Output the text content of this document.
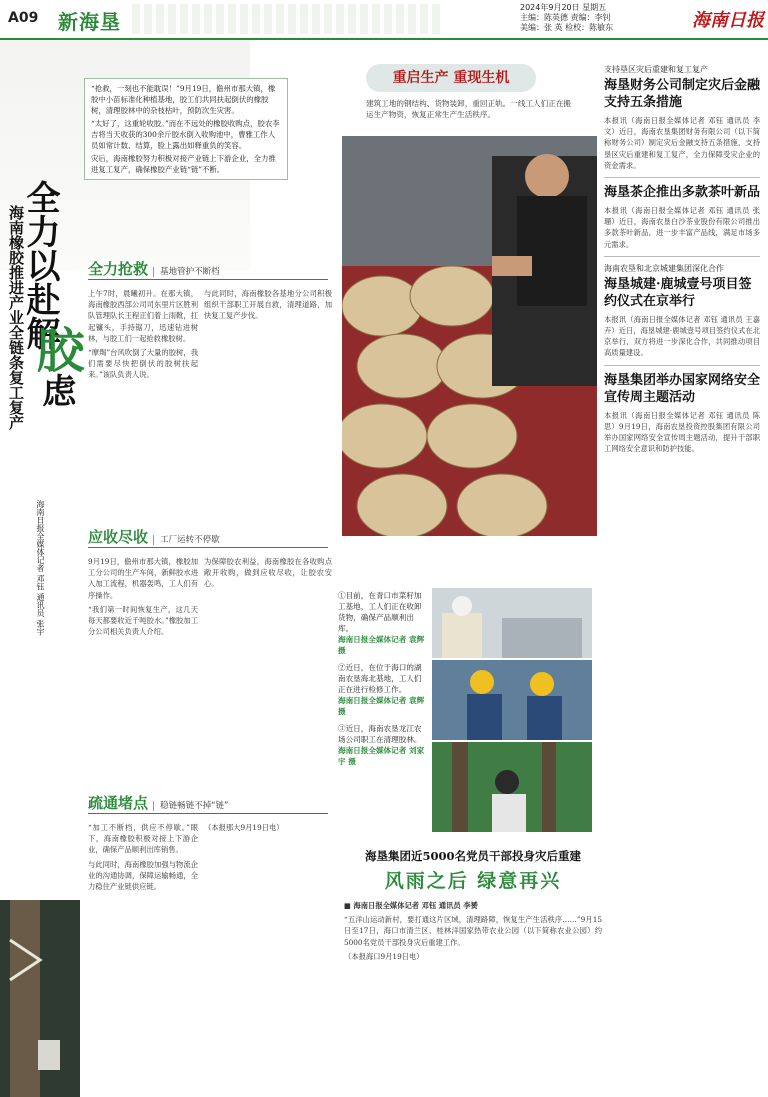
A09 新海垦
2024年9月20日 星期五
主编：陈英德 责编：李钊
美编：张 英 检校：陈敏东	海南日报
全力以赴解
胶虑
海南橡胶推进产业全链条复工复产
海南日报全媒体记者 邓钰 通讯员 张宇

“抢救，一刻也不能耽误！”9月19日，儋州市那大镇，橡胶中小苗标准化种植基地，胶工们共同扶起倒伏的橡胶树，清理胶林中的杂枝枯叶，预防次生灾害。

“太好了，这重轮收胶。”而在不远处的橡胶收购点，胶农李吉将当天收获的300余斤胶水倒入收购池中，曹雅工作人员如常计数、结算，脸上露出如释重负的笑容。

灾后，海南橡胶努力积极对接产业链上下游企业，全力推进复工复产，确保橡胶产业链“链”不断。

全力抢救 基地管护不断档

上午7时，晨曦初升。在那大镇，海南橡胶西部公司司东里片区胜利队管理队长王程正们着上雨靴，扛起镰头，手持锯刀，迅速钻进树林，与胶工们一起抢救橡胶树。

“摩羯”台风吹倒了大量的胶树，我们需要尽快把倒伏的胶树扶起来。”该队负责人说。

与此同时，海南橡胶各基地分公司积极组织干部职工开展自救，清理道路，加快复工复产步伐。

应收尽收 工厂运转不停歇

9月19日，儋州市那大镇，橡胶加工分公司的生产车间，新鲜胶水进入加工流程，机器轰鸣，工人们有序操作。

“我们第一时间恢复生产，这几天每天都要收近千吨胶水。”橡胶加工分公司相关负责人介绍。

为保障胶农利益，海南橡胶在各收购点敞开收购，做到应收尽收，让胶农安心。

疏通堵点 稳链畅链不掉“链”

“加工不断档，供应不停歇。”眼下，海南橡胶积极对接上下游企业，确保产品顺利出库销售。

与此同时，海南橡胶加强与物流企业的沟通协调，保障运输畅通，全力稳住产业链供应链。

（本报那大9月19日电）

重启生产 重现生机
建筑工地的钢结构、货物装卸，重回正轨。一线工人们正在搬运生产物资，恢复正常生产生活秩序。
①目前，在青口市菜籽加工基地，工人们正在收卸货物，确保产品顺利出库。
海南日报全媒体记者 袁辉 摄
②近日，在位于海口的湖南农垦海北基地，工人们正在进行检修工作。
海南日报全媒体记者 袁辉 摄
③近日，海南农垦龙江农场公司职工在清理胶林。
海南日报全媒体记者 刘家宇 摄
海垦集团近5000名党员干部投身灾后重建
风雨之后 绿意再兴

■ 海南日报全媒体记者 邓钰 通讯员 李赟

“五洋山运动新村，要打通这片区域，清理路障，恢复生产生活秩序……”9月15日至17日，海口市清兰区、桂林洋国家热带农业公园（以下简称农业公园）约5000名党员干部投身灾后重建工作。

（本报海口9月19日电）

支持垦区灾后重建和复工复产
海垦财务公司制定灾后金融支持五条措施
本报讯（海南日报全媒体记者 邓钰 通讯员 李文）近日，海南农垦集团财务有限公司（以下简称财务公司）制定灾后金融支持五条措施，支持垦区灾后重建和复工复产，全力保障受灾企业的资金需求。
海垦茶企推出多款茶叶新品
本报讯（海南日报全媒体记者 邓钰 通讯员 张珊）近日，海南农垦白沙茶业股份有限公司推出多款茶叶新品，进一步丰富产品线，满足市场多元需求。
海南农垦和北京城建集团深化合作
海垦城建·鹿城壹号项目签约仪式在京举行
本报讯（海南日报全媒体记者 邓钰 通讯员 王嘉卉）近日，海垦城建·鹿城壹号项目签约仪式在北京举行，双方将进一步深化合作，共同推动项目高质量建设。
海垦集团举办国家网络安全宣传周主题活动
本报讯（海南日报全媒体记者 邓钰 通讯员 陈思）9月19日，海南农垦投资控股集团有限公司举办国家网络安全宣传周主题活动，提升干部职工网络安全意识和防护技能。
